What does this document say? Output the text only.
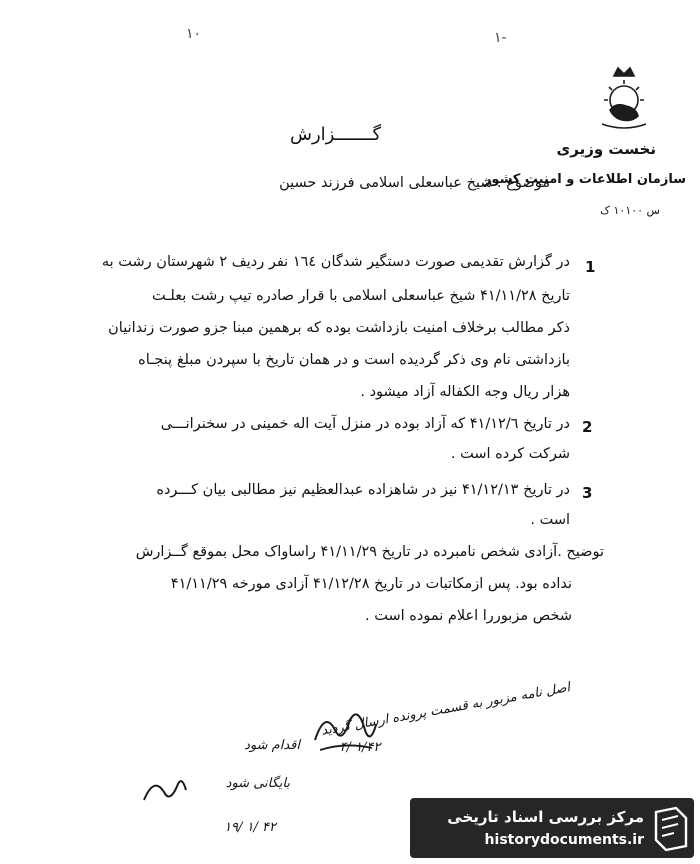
۱۰	۱-
نخست وزیری
سازمان اطلاعات و امنیت کشور
س ۱۰۱۰۰ ک
گـــــــزارش
موضوع . شیخ عباسعلی اسلامی فرزند حسین
1
در گزارش تقدیمی صورت دستگیر شدگان ۱٦٤ نفر ردیف ۲ شهرستان رشت به
تاریخ ۴۱/۱۱/۲۸ شیخ عباسعلی اسلامی با قرار صادره تیپ رشت بعلـت
ذکر مطالب برخلاف امنیت بازداشت بوده که برهمین مبنا جزو صورت زندانیان
بازداشتی نام وی ذکر گردیده است و در همان تاریخ با سپردن مبلغ پنجـاه
هزار ریال وجه الکفاله آزاد میشود .
2
در تاریخ ۴۱/۱۲/٦ که آزاد بوده در منزل آیت اله خمینی در سخنرانـــی
شرکت کرده است .
3
در تاریخ ۴۱/۱۲/۱۳ نیز در شاهزاده عبدالعظیم نیز مطالبی بیان کـــرده
است .
توضیح .آزادی شخص نامبرده در تاریخ ۴۱/۱۱/۲۹ راساواک محل بموقع گــزارش
نداده بود. پس ازمکاتبات در تاریخ ۴۱/۱۲/۲۸ آزادی مورخه ۴۱/۱۱/۲۹
شخص مزبوررا اعلام نموده است .
اصل نامه مزبور به قسمت پرونده ارسال گردید
۴/ ۱/۴۲
اقدام شود
بایگانی شود
۱۹/ ۱/ ۴۲
مرکز بررسی اسناد تاریخی
historydocuments.ir
